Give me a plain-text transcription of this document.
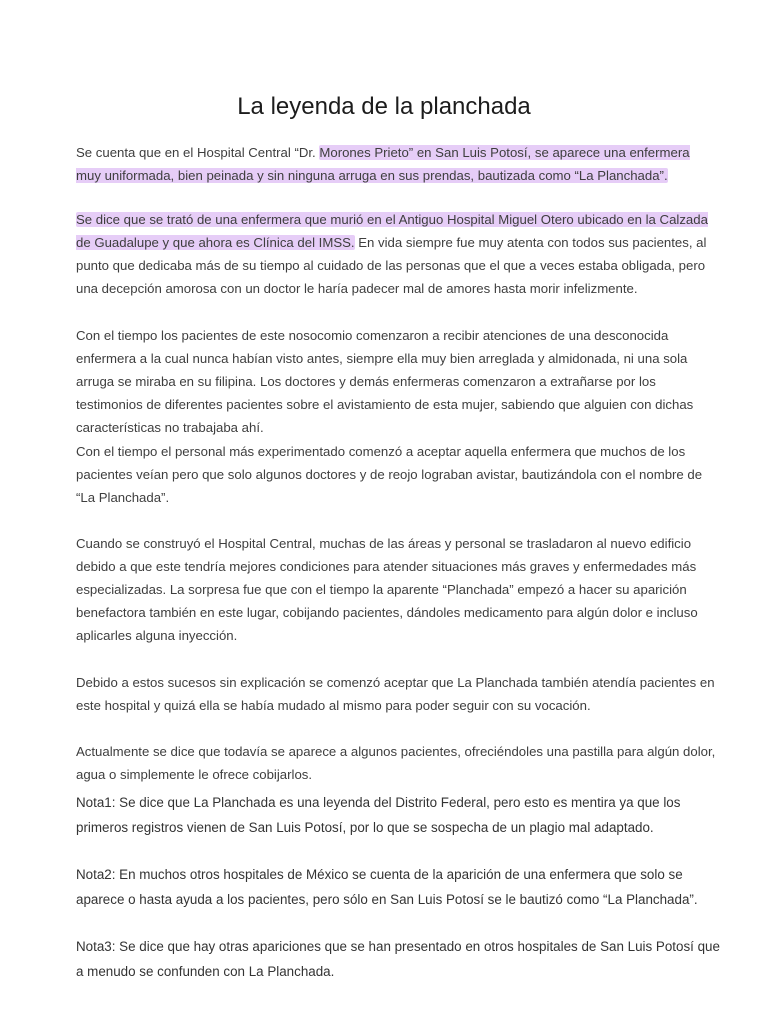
La leyenda de la planchada

Se cuenta que en el Hospital Central “Dr. Morones Prieto” en San Luis Potosí, se aparece una enfermera muy uniformada, bien peinada y sin ninguna arruga en sus prendas, bautizada como “La Planchada”.

Se dice que se trató de una enfermera que murió en el Antiguo Hospital Miguel Otero ubicado en la Calzada de Guadalupe y que ahora es Clínica del IMSS. En vida siempre fue muy atenta con todos sus pacientes, al punto que dedicaba más de su tiempo al cuidado de las personas que el que a veces estaba obligada, pero una decepción amorosa con un doctor le haría padecer mal de amores hasta morir infelizmente.

Con el tiempo los pacientes de este nosocomio comenzaron a recibir atenciones de una desconocida enfermera a la cual nunca habían visto antes, siempre ella muy bien arreglada y almidonada, ni una sola arruga se miraba en su filipina. Los doctores y demás enfermeras comenzaron a extrañarse por los testimonios de diferentes pacientes sobre el avistamiento de esta mujer, sabiendo que alguien con dichas características no trabajaba ahí.

Con el tiempo el personal más experimentado comenzó a aceptar aquella enfermera que muchos de los pacientes veían pero que solo algunos doctores y de reojo lograban avistar, bautizándola con el nombre de “La Planchada”.

Cuando se construyó el Hospital Central, muchas de las áreas y personal se trasladaron al nuevo edificio debido a que este tendría mejores condiciones para atender situaciones más graves y enfermedades más especializadas. La sorpresa fue que con el tiempo la aparente “Planchada” empezó a hacer su aparición benefactora también en este lugar, cobijando pacientes, dándoles medicamento para algún dolor e incluso aplicarles alguna inyección.

Debido a estos sucesos sin explicación se comenzó aceptar que La Planchada también atendía pacientes en este hospital y quizá ella se había mudado al mismo para poder seguir con su vocación.

Actualmente se dice que todavía se aparece a algunos pacientes, ofreciéndoles una pastilla para algún dolor, agua o simplemente le ofrece cobijarlos.

Nota1: Se dice que La Planchada es una leyenda del Distrito Federal, pero esto es mentira ya que los primeros registros vienen de San Luis Potosí, por lo que se sospecha de un plagio mal adaptado.

Nota2: En muchos otros hospitales de México se cuenta de la aparición de una enfermera que solo se aparece o hasta ayuda a los pacientes, pero sólo en San Luis Potosí se le bautizó como “La Planchada”.

Nota3: Se dice que hay otras apariciones que se han presentado en otros hospitales de San Luis Potosí que a menudo se confunden con La Planchada.
